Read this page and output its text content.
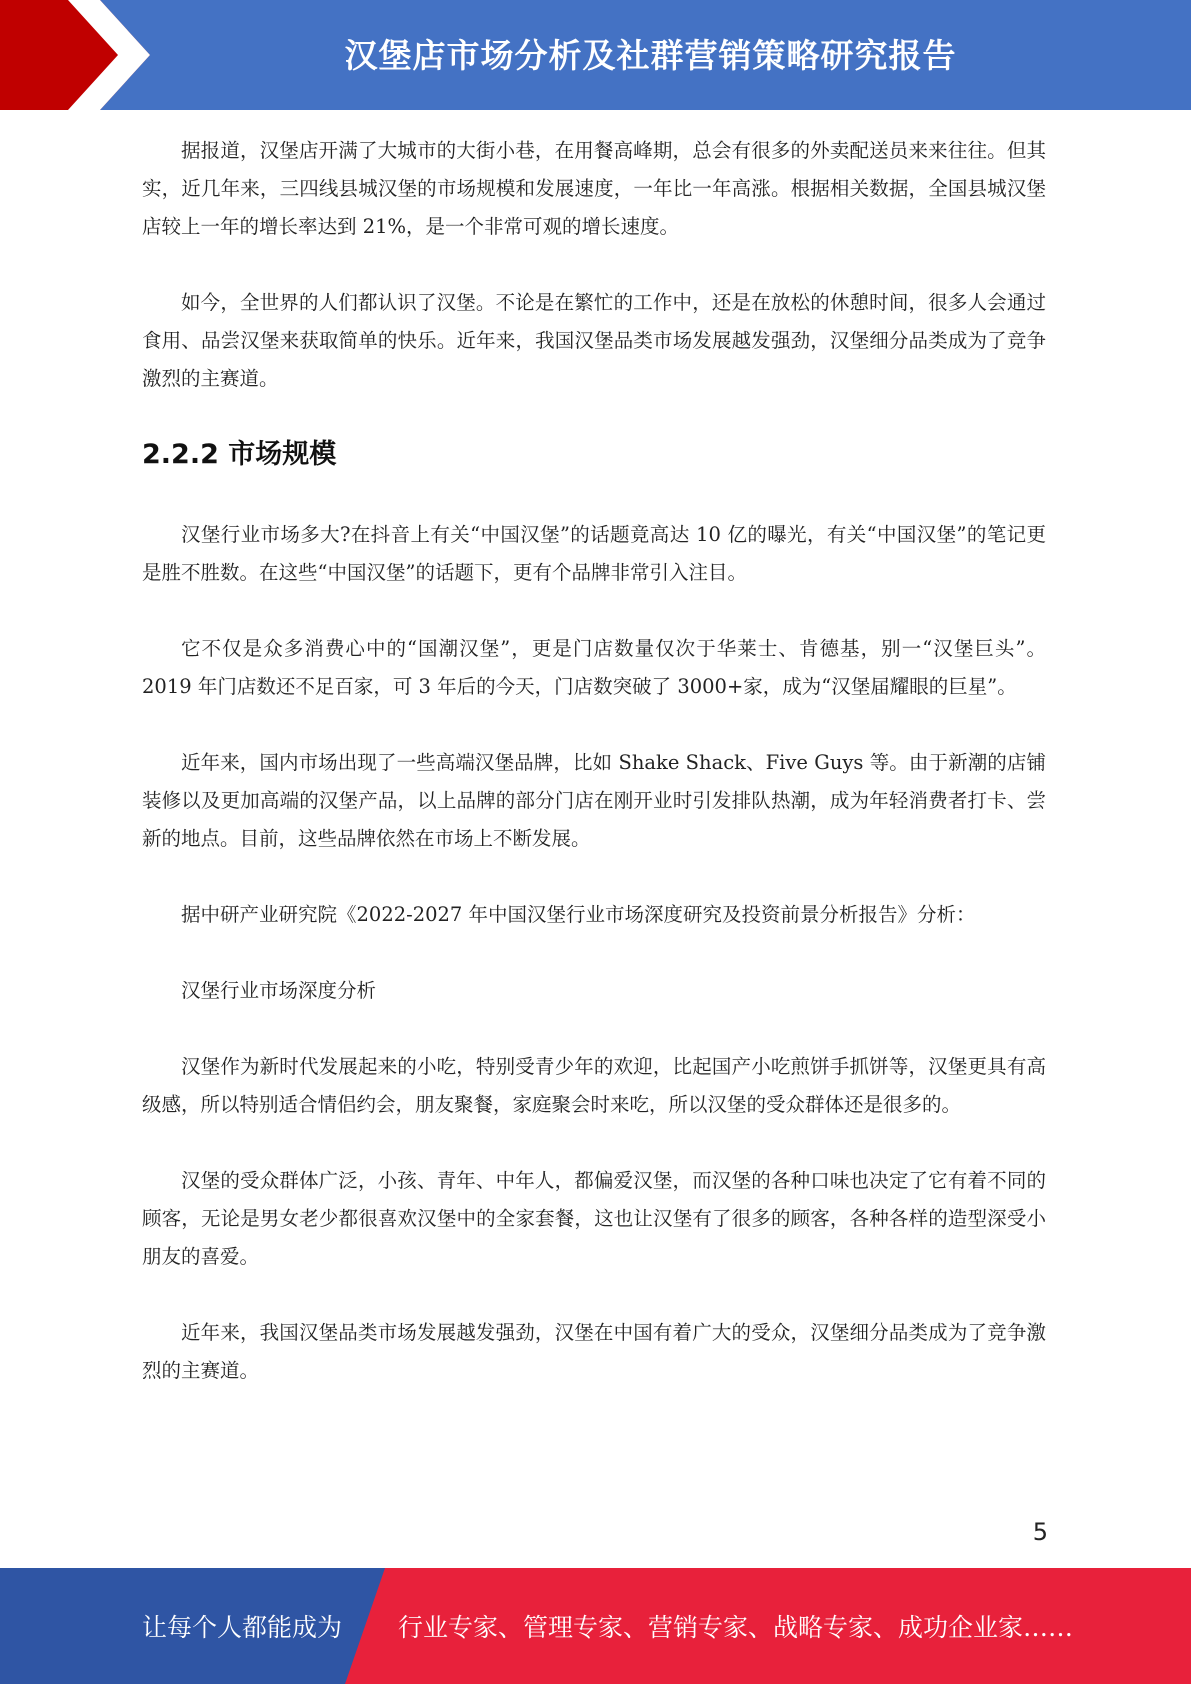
汉堡店市场分析及社群营销策略研究报告

据报道，汉堡店开满了大城市的大街小巷，在用餐高峰期，总会有很多的外卖配送员来来往往。但其实，近几年来，三四线县城汉堡的市场规模和发展速度，一年比一年高涨。根据相关数据，全国县城汉堡店较上一年的增长率达到 21%，是一个非常可观的增长速度。

如今，全世界的人们都认识了汉堡。不论是在繁忙的工作中，还是在放松的休憩时间，很多人会通过食用、品尝汉堡来获取简单的快乐。近年来，我国汉堡品类市场发展越发强劲，汉堡细分品类成为了竞争激烈的主赛道。

2.2.2 市场规模

汉堡行业市场多大?在抖音上有关“中国汉堡”的话题竟高达 10 亿的曝光，有关“中国汉堡”的笔记更是胜不胜数。在这些“中国汉堡”的话题下，更有个品牌非常引入注目。

它不仅是众多消费心中的“国潮汉堡”，更是门店数量仅次于华莱士、肯德基，别一“汉堡巨头”。2019 年门店数还不足百家，可 3 年后的今天，门店数突破了 3000+家，成为“汉堡届耀眼的巨星”。

近年来，国内市场出现了一些高端汉堡品牌，比如 Shake Shack、Five Guys 等。由于新潮的店铺装修以及更加高端的汉堡产品，以上品牌的部分门店在刚开业时引发排队热潮，成为年轻消费者打卡、尝新的地点。目前，这些品牌依然在市场上不断发展。

据中研产业研究院《2022-2027 年中国汉堡行业市场深度研究及投资前景分析报告》分析：

汉堡行业市场深度分析

汉堡作为新时代发展起来的小吃，特别受青少年的欢迎，比起国产小吃煎饼手抓饼等，汉堡更具有高级感，所以特别适合情侣约会，朋友聚餐，家庭聚会时来吃，所以汉堡的受众群体还是很多的。

汉堡的受众群体广泛，小孩、青年、中年人，都偏爱汉堡，而汉堡的各种口味也决定了它有着不同的顾客，无论是男女老少都很喜欢汉堡中的全家套餐，这也让汉堡有了很多的顾客，各种各样的造型深受小朋友的喜爱。

近年来，我国汉堡品类市场发展越发强劲，汉堡在中国有着广大的受众，汉堡细分品类成为了竞争激烈的主赛道。

5
让每个人都能成为 行业专家、管理专家、营销专家、战略专家、成功企业家……
